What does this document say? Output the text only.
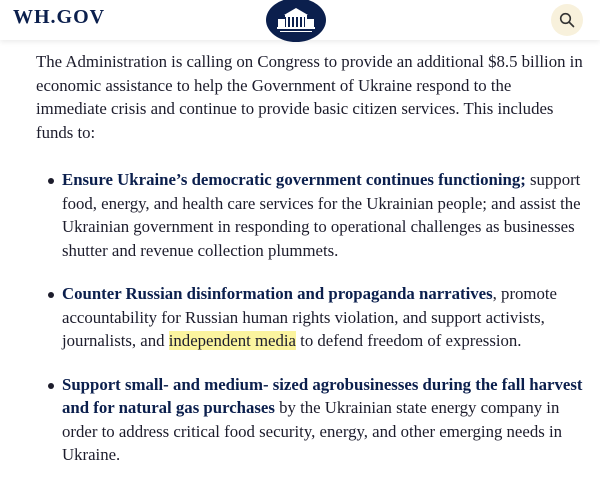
WH.GOV

The Administration is calling on Congress to provide an additional $8.5 billion in economic assistance to help the Government of Ukraine respond to the immediate crisis and continue to provide basic citizen services. This includes funds to:

Ensure Ukraine’s democratic government continues functioning; support food, energy, and health care services for the Ukrainian people; and assist the Ukrainian government in responding to operational challenges as businesses shutter and revenue collection plummets.
Counter Russian disinformation and propaganda narratives, promote accountability for Russian human rights violation, and support activists, journalists, and independent media to defend freedom of expression.
Support small- and medium- sized agrobusinesses during the fall harvest and for natural gas purchases by the Ukrainian state energy company in order to address critical food security, energy, and other emerging needs in Ukraine.
